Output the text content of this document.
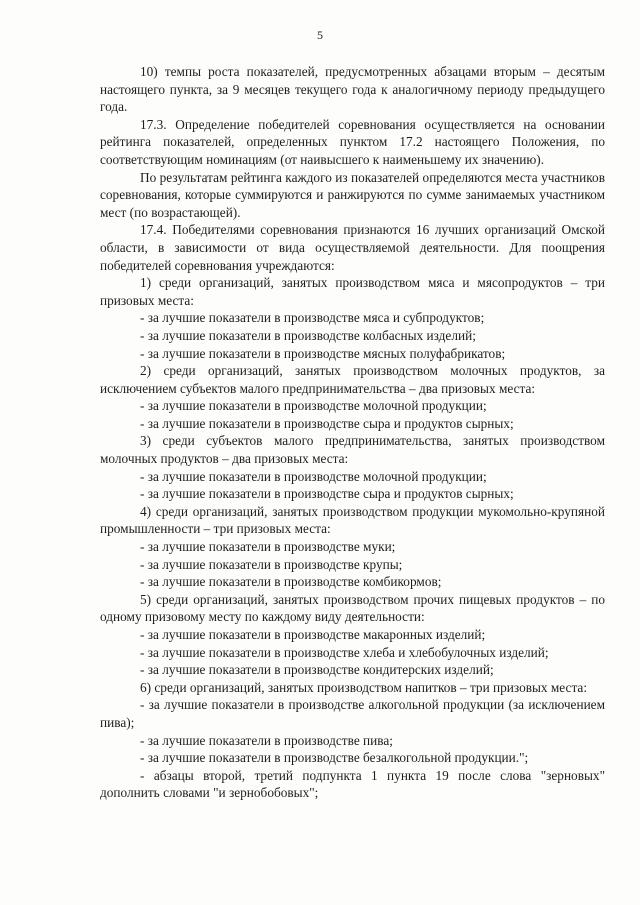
5

10) темпы роста показателей, предусмотренных абзацами вторым – десятым настоящего пункта, за 9 месяцев текущего года к аналогичному периоду предыдущего года.

17.3. Определение победителей соревнования осуществляется на основании рейтинга показателей, определенных пунктом 17.2 настоящего Положения, по соответствующим номинациям (от наивысшего к наименьшему их значению).

По результатам рейтинга каждого из показателей определяются места участников соревнования, которые суммируются и ранжируются по сумме занимаемых участником мест (по возрастающей).

17.4. Победителями соревнования признаются 16 лучших организаций Омской области, в зависимости от вида осуществляемой деятельности. Для поощрения победителей соревнования учреждаются:

1) среди организаций, занятых производством мяса и мясопродуктов – три призовых места:

- за лучшие показатели в производстве мяса и субпродуктов;

- за лучшие показатели в производстве колбасных изделий;

- за лучшие показатели в производстве мясных полуфабрикатов;

2) среди организаций, занятых производством молочных продуктов, за исключением субъектов малого предпринимательства – два призовых места:

- за лучшие показатели в производстве молочной продукции;

- за лучшие показатели в производстве сыра и продуктов сырных;

3) среди субъектов малого предпринимательства, занятых производством молочных продуктов – два призовых места:

- за лучшие показатели в производстве молочной продукции;

- за лучшие показатели в производстве сыра и продуктов сырных;

4) среди организаций, занятых производством продукции мукомольно-крупяной промышленности – три призовых места:

- за лучшие показатели в производстве муки;

- за лучшие показатели в производстве крупы;

- за лучшие показатели в производстве комбикормов;

5) среди организаций, занятых производством прочих пищевых продуктов – по одному призовому месту по каждому виду деятельности:

- за лучшие показатели в производстве макаронных изделий;

- за лучшие показатели в производстве хлеба и хлебобулочных изделий;

- за лучшие показатели в производстве кондитерских изделий;

6) среди организаций, занятых производством напитков – три призовых места:

- за лучшие показатели в производстве алкогольной продукции (за исключением пива);

- за лучшие показатели в производстве пива;

- за лучшие показатели в производстве безалкогольной продукции.";

- абзацы второй, третий подпункта 1 пункта 19 после слова "зерновых" дополнить словами "и зернобобовых";
